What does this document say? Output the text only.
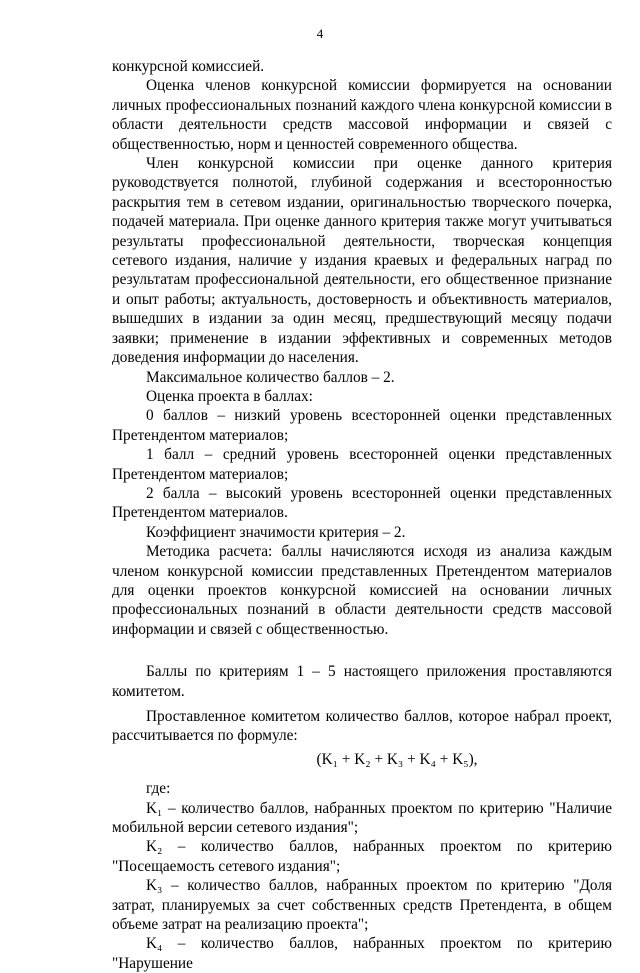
4

конкурсной комиссией.

Оценка членов конкурсной комиссии формируется на основании личных профессиональных познаний каждого члена конкурсной комиссии в области деятельности средств массовой информации и связей с общественностью, норм и ценностей современного общества.

Член конкурсной комиссии при оценке данного критерия руководствуется полнотой, глубиной содержания и всесторонностью раскрытия тем в сетевом издании, оригинальностью творческого почерка, подачей материала. При оценке данного критерия также могут учитываться результаты профессиональной деятельности, творческая концепция сетевого издания, наличие у издания краевых и федеральных наград по результатам профессиональной деятельности, его общественное признание и опыт работы; актуальность, достоверность и объективность материалов, вышедших в издании за один месяц, предшествующий месяцу подачи заявки; применение в издании эффективных и современных методов доведения информации до населения.

Максимальное количество баллов – 2.

Оценка проекта в баллах:

0 баллов – низкий уровень всесторонней оценки представленных Претендентом материалов;

1 балл – средний уровень всесторонней оценки представленных Претендентом материалов;

2 балла – высокий уровень всесторонней оценки представленных Претендентом материалов.

Коэффициент значимости критерия – 2.

Методика расчета: баллы начисляются исходя из анализа каждым членом конкурсной комиссии представленных Претендентом материалов для оценки проектов конкурсной комиссией на основании личных профессиональных познаний в области деятельности средств массовой информации и связей с общественностью.

Баллы по критериям 1 – 5 настоящего приложения проставляются комитетом.

Проставленное комитетом количество баллов, которое набрал проект, рассчитывается по формуле:

(K₁ + K₂ + K₃ + K₄ + K₅),

где:

K₁ – количество баллов, набранных проектом по критерию "Наличие мобильной версии сетевого издания";

K₂ – количество баллов, набранных проектом по критерию "Посещаемость сетевого издания";

K₃ – количество баллов, набранных проектом по критерию "Доля затрат, планируемых за счет собственных средств Претендента, в общем объеме затрат на реализацию проекта";

K₄ – количество баллов, набранных проектом по критерию "Нарушение
